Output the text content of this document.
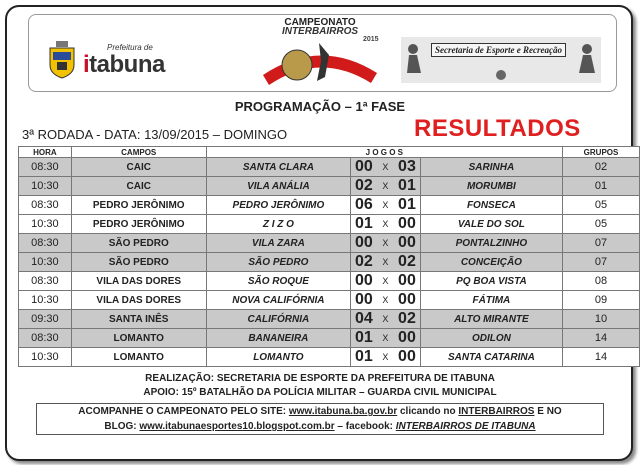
Prefeitura de
itabuna
CAMPEONATO
INTERBAIRROS
2015
Secretaria de Esporte e Recreação
PROGRAMAÇÃO – 1ª FASE
3ª RODADA - DATA: 13/09/2015 – DOMINGO	RESULTADOS
HORA	CAMPOS	J O G O S					GRUPOS
08:30	CAIC	SANTA CLARA	00	X	03	SARINHA	02
10:30	CAIC	VILA ANÁLIA	02	X	01	MORUMBI	01
08:30	PEDRO JERÔNIMO	PEDRO JERÔNIMO	06	X	01	FONSECA	05
10:30	PEDRO JERÔNIMO	Z I Z O	01	X	00	VALE DO SOL	05
08:30	SÃO PEDRO	VILA ZARA	00	X	00	PONTALZINHO	07
10:30	SÃO PEDRO	SÃO PEDRO	02	X	02	CONCEIÇÃO	07
08:30	VILA DAS DORES	SÃO ROQUE	00	X	00	PQ BOA VISTA	08
10:30	VILA DAS DORES	NOVA CALIFÓRNIA	00	X	00	FÁTIMA	09
09:30	SANTA INÊS	CALIFÓRNIA	04	X	02	ALTO MIRANTE	10
08:30	LOMANTO	BANANEIRA	01	X	00	ODILON	14
10:30	LOMANTO	LOMANTO	01	X	00	SANTA CATARINA	14
REALIZAÇÃO: SECRETARIA DE ESPORTE DA PREFEITURA DE ITABUNA
APOIO: 15º BATALHÃO DA POLÍCIA MILITAR – GUARDA CIVIL MUNICIPAL
ACOMPANHE O CAMPEONATO PELO SITE: www.itabuna.ba.gov.br clicando no INTERBAIRROS E NO
BLOG: www.itabunaesportes10.blogspot.com.br – facebook: INTERBAIRROS DE ITABUNA
